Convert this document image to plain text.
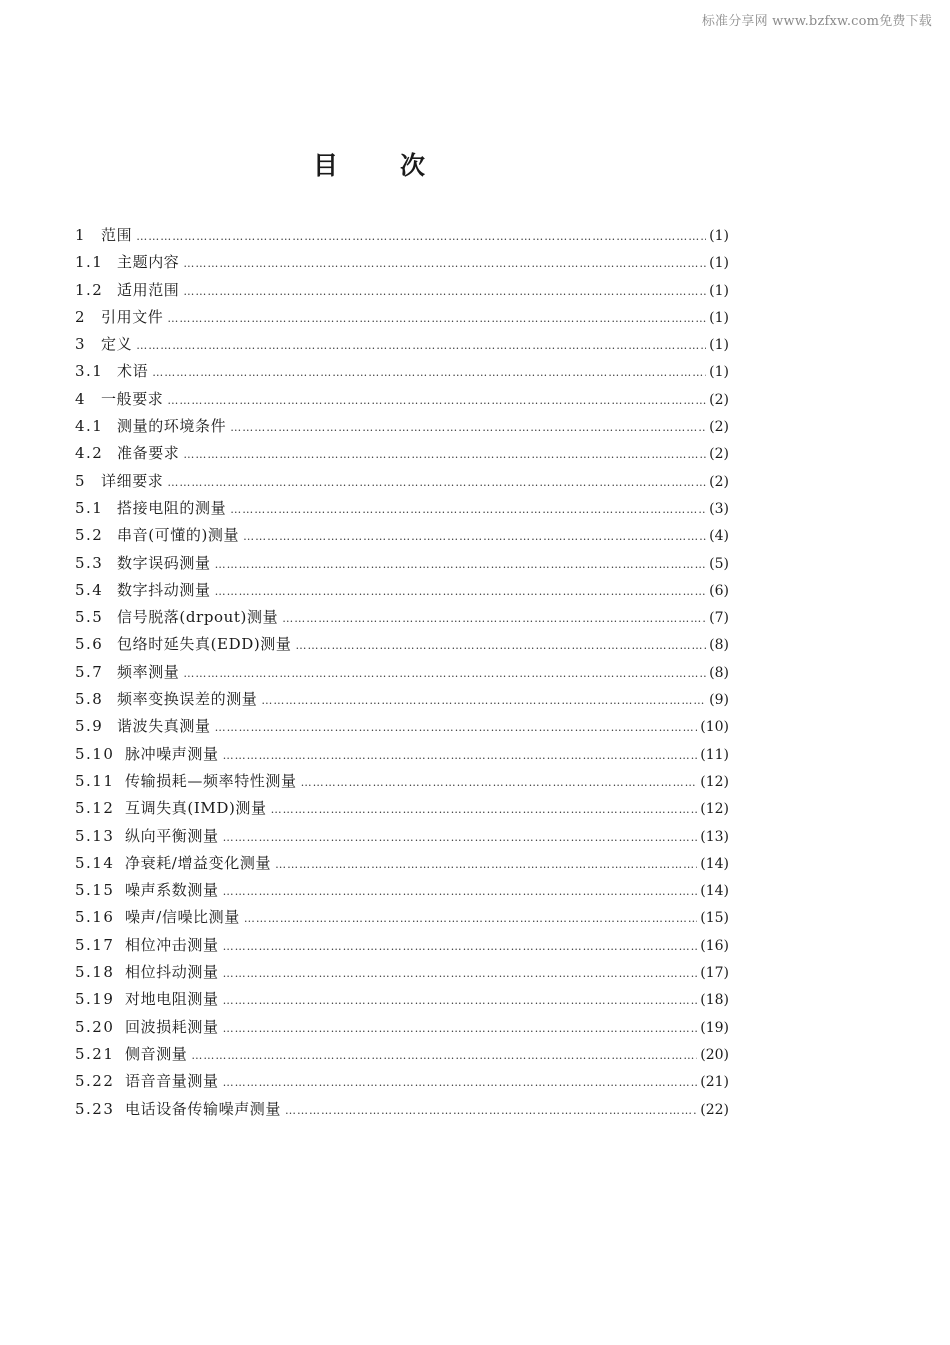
标准分享网 www.bzfxw.com免费下载
目次
1 范围 …………………………………………………………………………………………………………………………………………………………………………………………………………………………………………………	(1)
1.1 主题内容 …………………………………………………………………………………………………………………………………………………………………………………………………………………………………………………	(1)
1.2 适用范围 …………………………………………………………………………………………………………………………………………………………………………………………………………………………………………………	(1)
2 引用文件 …………………………………………………………………………………………………………………………………………………………………………………………………………………………………………………	(1)
3 定义 …………………………………………………………………………………………………………………………………………………………………………………………………………………………………………………	(1)
3.1 术语 …………………………………………………………………………………………………………………………………………………………………………………………………………………………………………………	(1)
4 一般要求 …………………………………………………………………………………………………………………………………………………………………………………………………………………………………………………	(2)
4.1 测量的环境条件 …………………………………………………………………………………………………………………………………………………………………………………………………………………………………………………	(2)
4.2 准备要求 …………………………………………………………………………………………………………………………………………………………………………………………………………………………………………………	(2)
5 详细要求 …………………………………………………………………………………………………………………………………………………………………………………………………………………………………………………	(2)
5.1 搭接电阻的测量 …………………………………………………………………………………………………………………………………………………………………………………………………………………………………………………	(3)
5.2 串音(可懂的)测量 …………………………………………………………………………………………………………………………………………………………………………………………………………………………………………………	(4)
5.3 数字误码测量 …………………………………………………………………………………………………………………………………………………………………………………………………………………………………………………	(5)
5.4 数字抖动测量 …………………………………………………………………………………………………………………………………………………………………………………………………………………………………………………	(6)
5.5 信号脱落(drpout)测量 …………………………………………………………………………………………………………………………………………………………………………………………………………………………………………………	(7)
5.6 包络时延失真(EDD)测量 …………………………………………………………………………………………………………………………………………………………………………………………………………………………………………………	(8)
5.7 频率测量 …………………………………………………………………………………………………………………………………………………………………………………………………………………………………………………	(8)
5.8 频率变换误差的测量 …………………………………………………………………………………………………………………………………………………………………………………………………………………………………………………	(9)
5.9 谐波失真测量 …………………………………………………………………………………………………………………………………………………………………………………………………………………………………………………	(10)
5.10 脉冲噪声测量 …………………………………………………………………………………………………………………………………………………………………………………………………………………………………………………	(11)
5.11 传输损耗—频率特性测量 …………………………………………………………………………………………………………………………………………………………………………………………………………………………………………………	(12)
5.12 互调失真(IMD)测量 …………………………………………………………………………………………………………………………………………………………………………………………………………………………………………………	(12)
5.13 纵向平衡测量 …………………………………………………………………………………………………………………………………………………………………………………………………………………………………………………	(13)
5.14 净衰耗/增益变化测量 …………………………………………………………………………………………………………………………………………………………………………………………………………………………………………………	(14)
5.15 噪声系数测量 …………………………………………………………………………………………………………………………………………………………………………………………………………………………………………………	(14)
5.16 噪声/信噪比测量 …………………………………………………………………………………………………………………………………………………………………………………………………………………………………………………	(15)
5.17 相位冲击测量 …………………………………………………………………………………………………………………………………………………………………………………………………………………………………………………	(16)
5.18 相位抖动测量 …………………………………………………………………………………………………………………………………………………………………………………………………………………………………………………	(17)
5.19 对地电阻测量 …………………………………………………………………………………………………………………………………………………………………………………………………………………………………………………	(18)
5.20 回波损耗测量 …………………………………………………………………………………………………………………………………………………………………………………………………………………………………………………	(19)
5.21 侧音测量 …………………………………………………………………………………………………………………………………………………………………………………………………………………………………………………	(20)
5.22 语音音量测量 …………………………………………………………………………………………………………………………………………………………………………………………………………………………………………………	(21)
5.23 电话设备传输噪声测量 …………………………………………………………………………………………………………………………………………………………………………………………………………………………………………………	(22)
